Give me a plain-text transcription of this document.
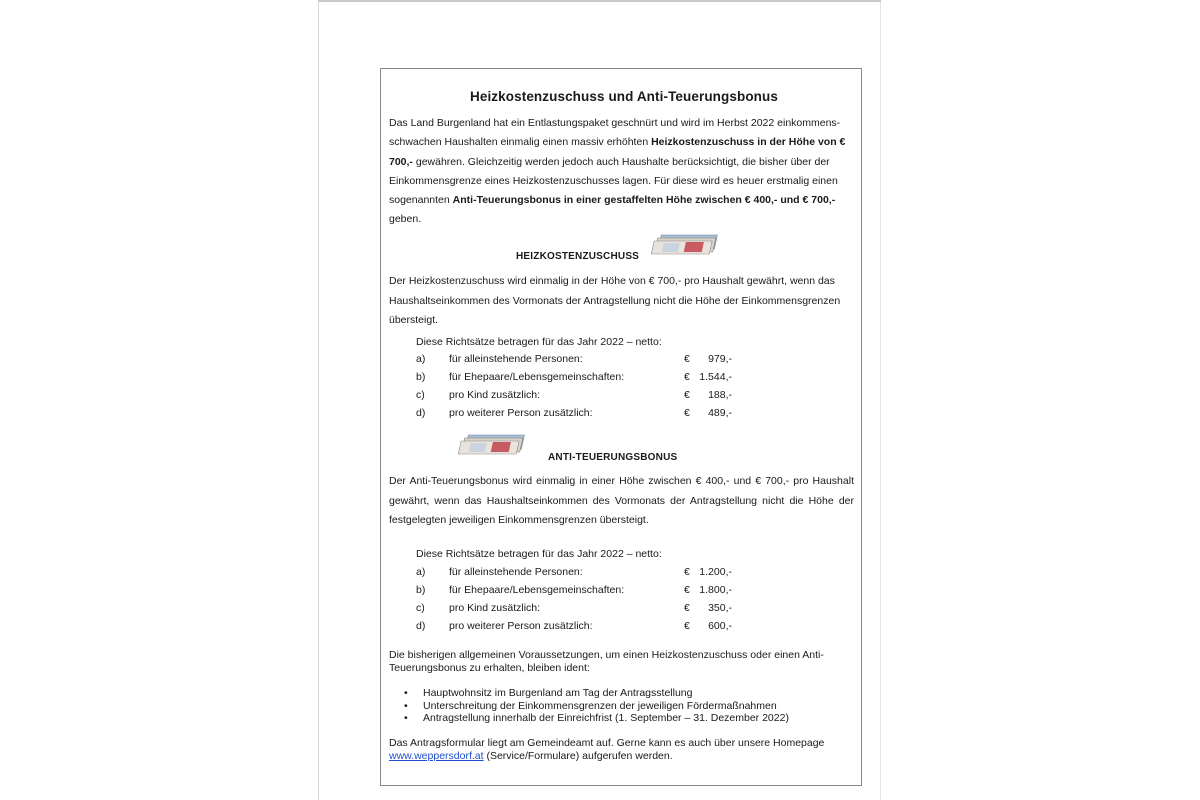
Heizkostenzuschuss und Anti-Teuerungsbonus

Das Land Burgenland hat ein Entlastungspaket geschnürt und wird im Herbst 2022 einkommens-schwachen Haushalten einmalig einen massiv erhöhten Heizkostenzuschuss in der Höhe von € 700,- gewähren. Gleichzeitig werden jedoch auch Haushalte berücksichtigt, die bisher über der Einkommensgrenze eines Heizkostenzuschusses lagen. Für diese wird es heuer erstmalig einen sogenannten Anti-Teuerungsbonus in einer gestaffelten Höhe zwischen € 400,- und € 700,- geben.

HEIZKOSTENZUSCHUSS

Der Heizkostenzuschuss wird einmalig in der Höhe von € 700,- pro Haushalt gewährt, wenn das Haushaltseinkommen des Vormonats der Antragstellung nicht die Höhe der Einkommensgrenzen übersteigt.

Diese Richtsätze betragen für das Jahr 2022 – netto:
a) für alleinstehende Personen:	€	979,-
b) für Ehepaare/Lebensgemeinschaften:	€ 1.544,-
c) pro Kind zusätzlich:	€	188,-
d) pro weiterer Person zusätzlich:	€	489,-
ANTI-TEUERUNGSBONUS

Der Anti-Teuerungsbonus wird einmalig in einer Höhe zwischen € 400,- und € 700,- pro Haushalt gewährt, wenn das Haushaltseinkommen des Vormonats der Antragstellung nicht die Höhe der festgelegten jeweiligen Einkommensgrenzen übersteigt.

Diese Richtsätze betragen für das Jahr 2022 – netto:
a) für alleinstehende Personen:	€ 1.200,-
b) für Ehepaare/Lebensgemeinschaften:	€ 1.800,-
c) pro Kind zusätzlich:	€	350,-
d) pro weiterer Person zusätzlich:	€	600,-

Die bisherigen allgemeinen Voraussetzungen, um einen Heizkostenzuschuss oder einen Anti-Teuerungsbonus zu erhalten, bleiben ident:

• Hauptwohnsitz im Burgenland am Tag der Antragsstellung
• Unterschreitung der Einkommensgrenzen der jeweiligen Fördermaßnahmen
• Antragstellung innerhalb der Einreichfrist (1. September – 31. Dezember 2022)

Das Antragsformular liegt am Gemeindeamt auf. Gerne kann es auch über unsere Homepage www.weppersdorf.at (Service/Formulare) aufgerufen werden.
